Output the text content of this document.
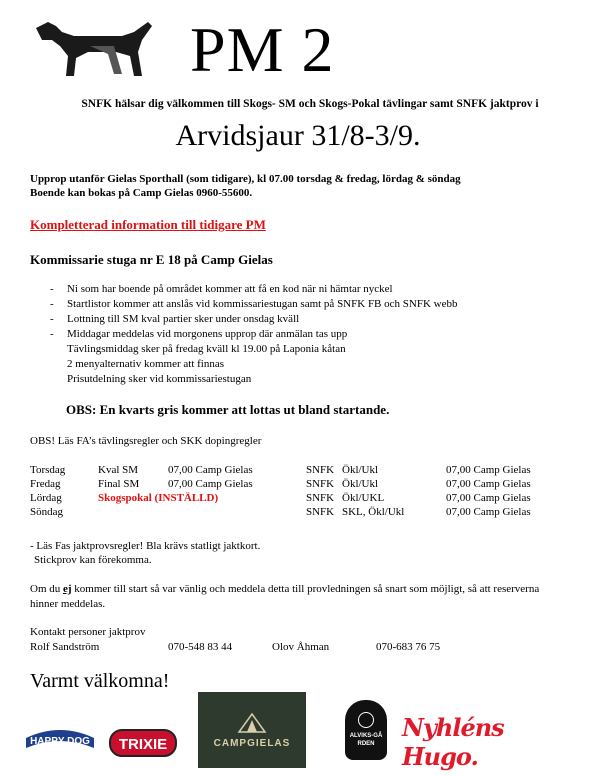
PM 2
SNFK hälsar dig välkommen till Skogs- SM och Skogs-Pokal tävlingar samt SNFK jaktprov i
Arvidsjaur 31/8-3/9.
Upprop utanför Gielas Sporthall (som tidigare), kl 07.00 torsdag & fredag, lördag & söndag
Boende kan bokas på Camp Gielas 0960-55600.
Kompletterad information till tidigare PM
Kommissarie stuga nr E 18 på Camp Gielas
-	Ni som har boende på området kommer att få en kod när ni hämtar nyckel
-	Startlistor kommer att anslås vid kommissariestugan samt på SNFK FB och SNFK webb
-	Lottning till SM kval partier sker under onsdag kväll
-	Middagar meddelas vid morgonens upprop där anmälan tas upp
Tävlingsmiddag sker på fredag kväll kl 19.00 på Laponia kåtan
2 menyalternativ kommer att finnas
Prisutdelning sker vid kommissariestugan
OBS: En kvarts gris kommer att lottas ut bland startande.
OBS! Läs FA’s tävlingsregler och SKK dopingregler
Torsdag	Kval SM	07,00 Camp Gielas	SNFK	Ökl/Ukl	07,00 Camp Gielas
Fredag	Final SM	07,00 Camp Gielas	SNFK	Ökl/Ukl	07,00 Camp Gielas
Lördag	Skogspokal (INSTÄLLD)		SNFK	Ökl/UKL	07,00 Camp Gielas
Söndag			SNFK	SKL, Ökl/Ukl	07,00 Camp Gielas
- Läs Fas jaktprovsregler! Bla krävs statligt jaktkort.
Stickprov kan förekomma.
Om du ej kommer till start så var vänlig och meddela detta till provledningen så snart som möjligt, så att reserverna hinner meddelas.
Kontakt personer jaktprov
Rolf Sandström	070-548 83 44	Olov Åhman	070-683 76 75
Varmt välkomna!
HAPPY DOG TRIXIE	CAMPGIELAS
ALVIKS-GÅRDEN
Nyhléns Hugo.
